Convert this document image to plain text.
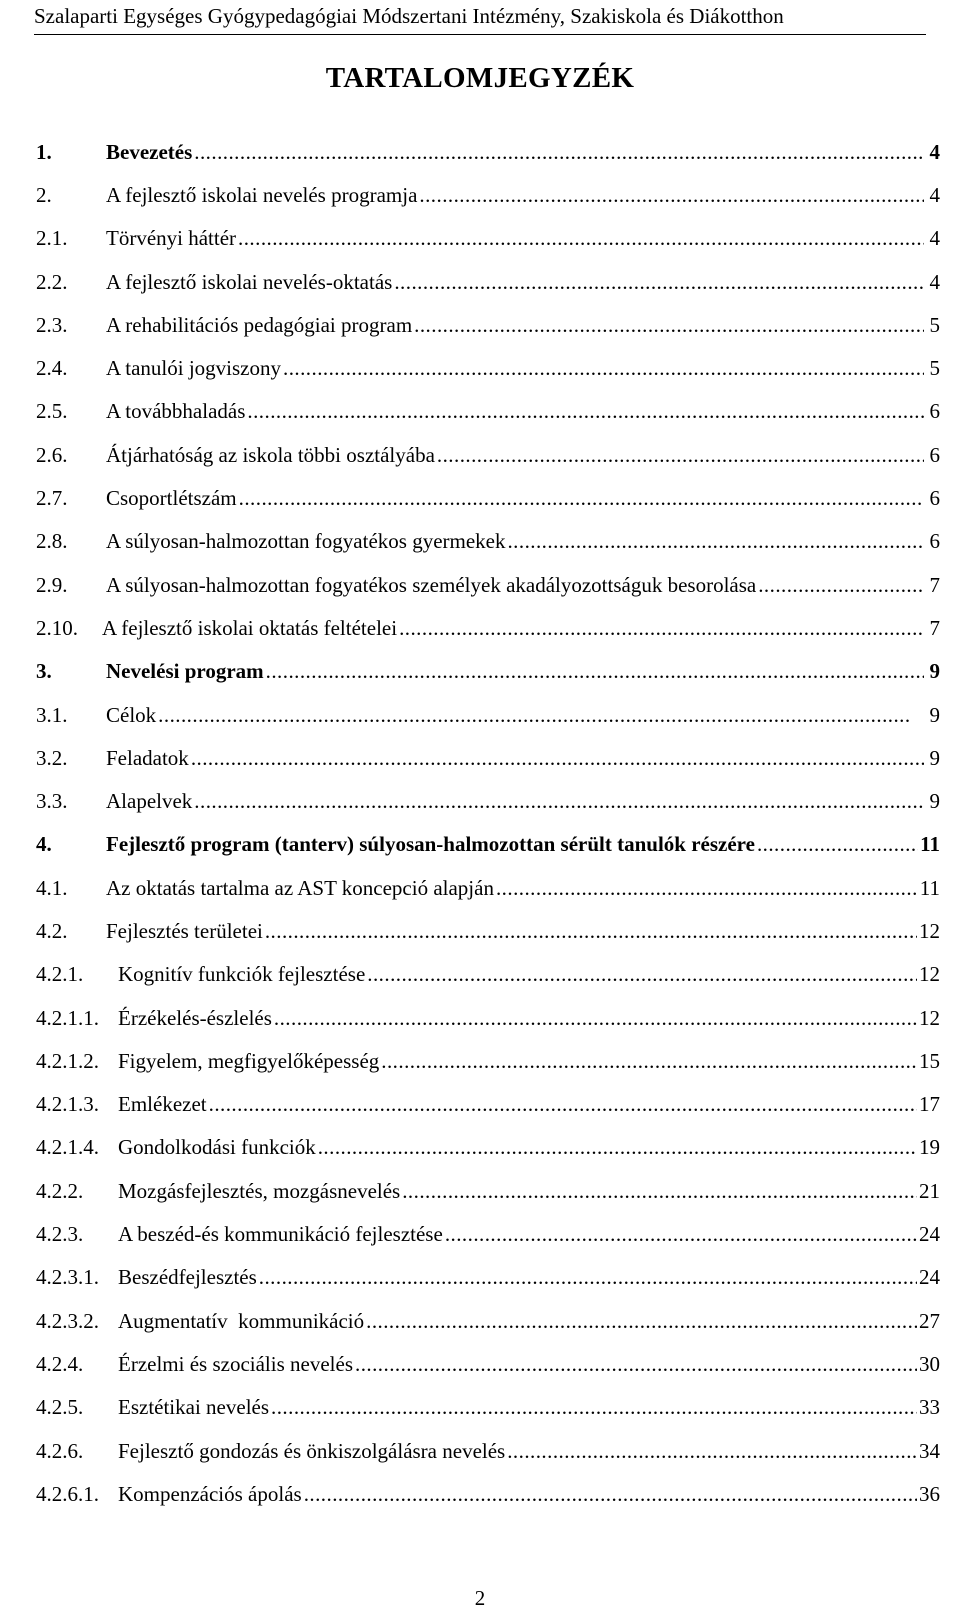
Szalaparti Egységes Gyógypedagógiai Módszertani Intézmény, Szakiskola és Diákotthon
TARTALOMJEGYZÉK
1.	Bevezetés . . .	4
2.	A fejlesztő iskolai nevelés programja . . .	4
2.1.	Törvényi háttér . . .	4
2.2.	A fejlesztő iskolai nevelés-oktatás . . .	4
2.3.	A rehabilitációs pedagógiai program . . .	5
2.4.	A tanulói jogviszony . . .	5
2.5.	A továbbhaladás . . .	6
2.6.	Átjárhatóság az iskola többi osztályába . . .	6
2.7.	Csoportlétszám . . .	6
2.8.	A súlyosan-halmozottan fogyatékos gyermekek . . .	6
2.9.	A súlyosan-halmozottan fogyatékos személyek akadályozottságuk besorolása . . .	7
2.10.	A fejlesztő iskolai oktatás feltételei . . .	7
3.	Nevelési program . . .	9
3.1.	Célok . . .	9
3.2.	Feladatok . . .	9
3.3.	Alapelvek . . .	9
4.	Fejlesztő program (tanterv) súlyosan-halmozottan sérült tanulók részére . . .	11
4.1.	Az oktatás tartalma az AST koncepció alapján . . .	11
4.2.	Fejlesztés területei . . .	12
4.2.1.	Kognitív funkciók fejlesztése . . .	12
4.2.1.1. Érzékelés-észlelés . . .	12
4.2.1.2. Figyelem, megfigyelőképesség . . .	15
4.2.1.3. Emlékezet . . .	17
4.2.1.4. Gondolkodási funkciók . . .	19
4.2.2.	Mozgásfejlesztés, mozgásnevelés . . .	21
4.2.3.	A beszéd-és kommunikáció fejlesztése . . .	24
4.2.3.1. Beszédfejlesztés . . .	24
4.2.3.2. Augmentatív  kommunikáció . . .	27
4.2.4.	Érzelmi és szociális nevelés . . .	30
4.2.5.	Esztétikai nevelés . . .	33
4.2.6.	Fejlesztő gondozás és önkiszolgálásra nevelés . . .	34
4.2.6.1. Kompenzációs ápolás . . .	36
2
